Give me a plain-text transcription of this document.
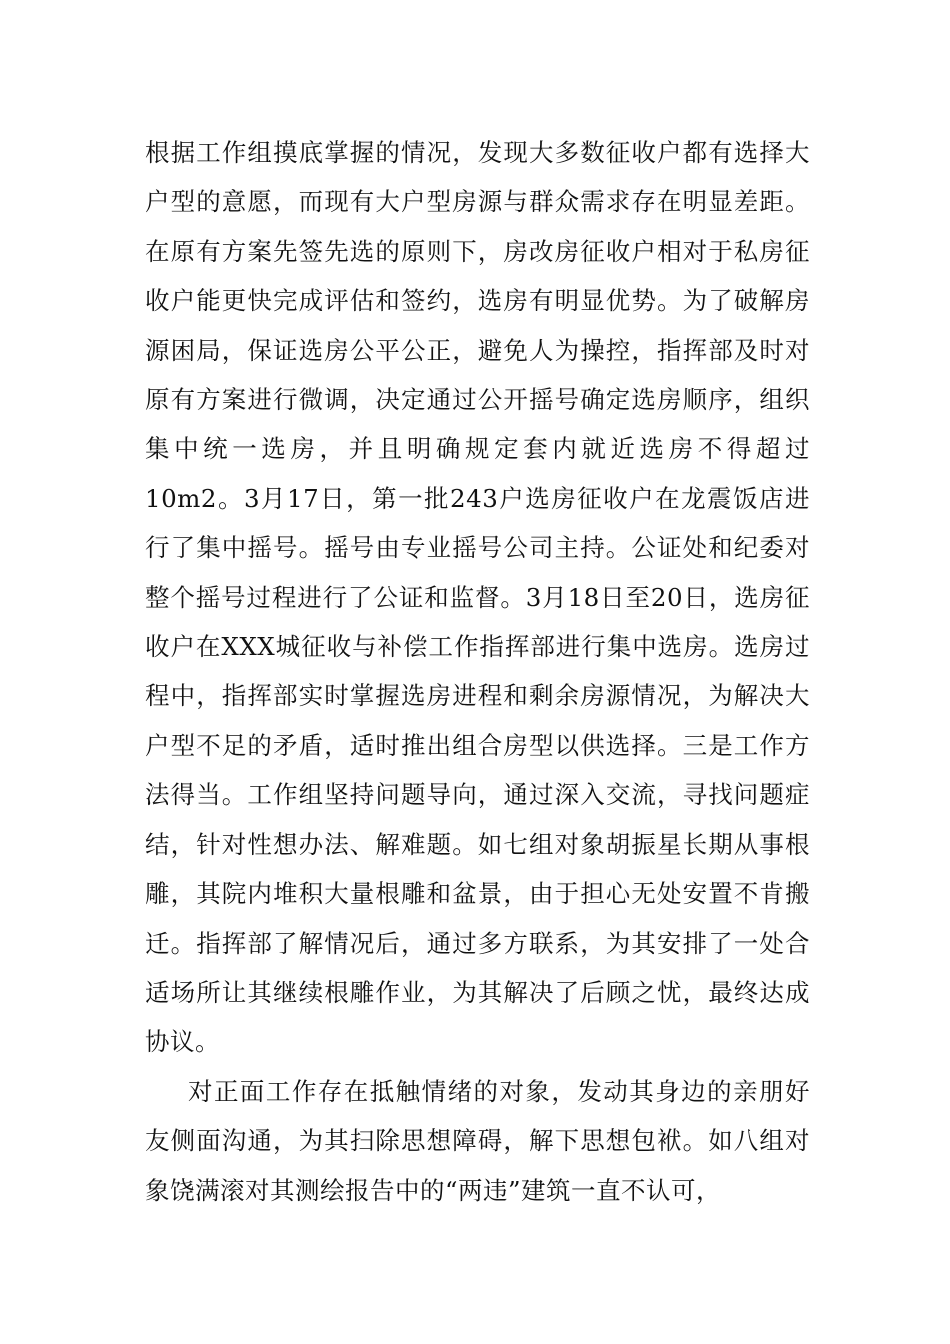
根据工作组摸底掌握的情况，发现大多数征收户都有选择大户型的意愿，而现有大户型房源与群众需求存在明显差距。在原有方案先签先选的原则下，房改房征收户相对于私房征收户能更快完成评估和签约，选房有明显优势。为了破解房源困局，保证选房公平公正，避免人为操控，指挥部及时对原有方案进行微调，决定通过公开摇号确定选房顺序，组织集中统一选房，并且明确规定套内就近选房不得超过10m2。3月17日，第一批243户选房征收户在龙震饭店进行了集中摇号。摇号由专业摇号公司主持。公证处和纪委对整个摇号过程进行了公证和监督。3月18日至20日，选房征收户在XXX城征收与补偿工作指挥部进行集中选房。选房过程中，指挥部实时掌握选房进程和剩余房源情况，为解决大户型不足的矛盾，适时推出组合房型以供选择。三是工作方法得当。工作组坚持问题导向，通过深入交流，寻找问题症结，针对性想办法、解难题。如七组对象胡振星长期从事根雕，其院内堆积大量根雕和盆景，由于担心无处安置不肯搬迁。指挥部了解情况后，通过多方联系，为其安排了一处合适场所让其继续根雕作业，为其解决了后顾之忧，最终达成协议。

对正面工作存在抵触情绪的对象，发动其身边的亲朋好友侧面沟通，为其扫除思想障碍，解下思想包袱。如八组对象饶满滚对其测绘报告中的“两违”建筑一直不认可，
